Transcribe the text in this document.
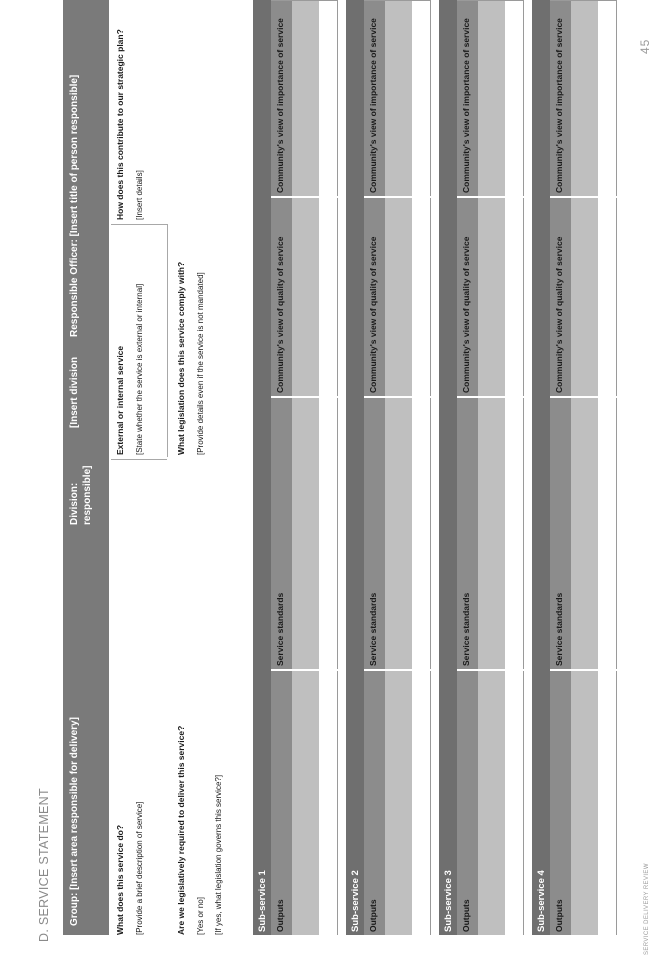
D. SERVICE STATEMENT Group: [Insert area responsible for delivery]
Division: responsible]
[Insert division
Responsible Officer: [Insert title of person responsible]
What does this service do? [Provide a brief description of service]
External or internal service [State whether the service is external or internal]
How does this contribute to our strategic plan? [Insert details]
Are we legislatively required to deliver this service? [Yes or no] [If yes, what legislation governs this service?]
What legislation does this service comply with? [Provide details even if the service is not mandated]
Sub-service 1 Outputs
Service standards
Community's view of quality of service
Community's view of importance of service
Sub-service 2 Outputs
Service standards
Community's view of quality of service
Community's view of importance of service
Sub-service 3 Outputs
Service standards
Community's view of quality of service
Community's view of importance of service
Sub-service 4 Outputs
Service standards
Community's view of quality of service
Community's view of importance of service
SERVICE DELIVERY REVIEW
45
